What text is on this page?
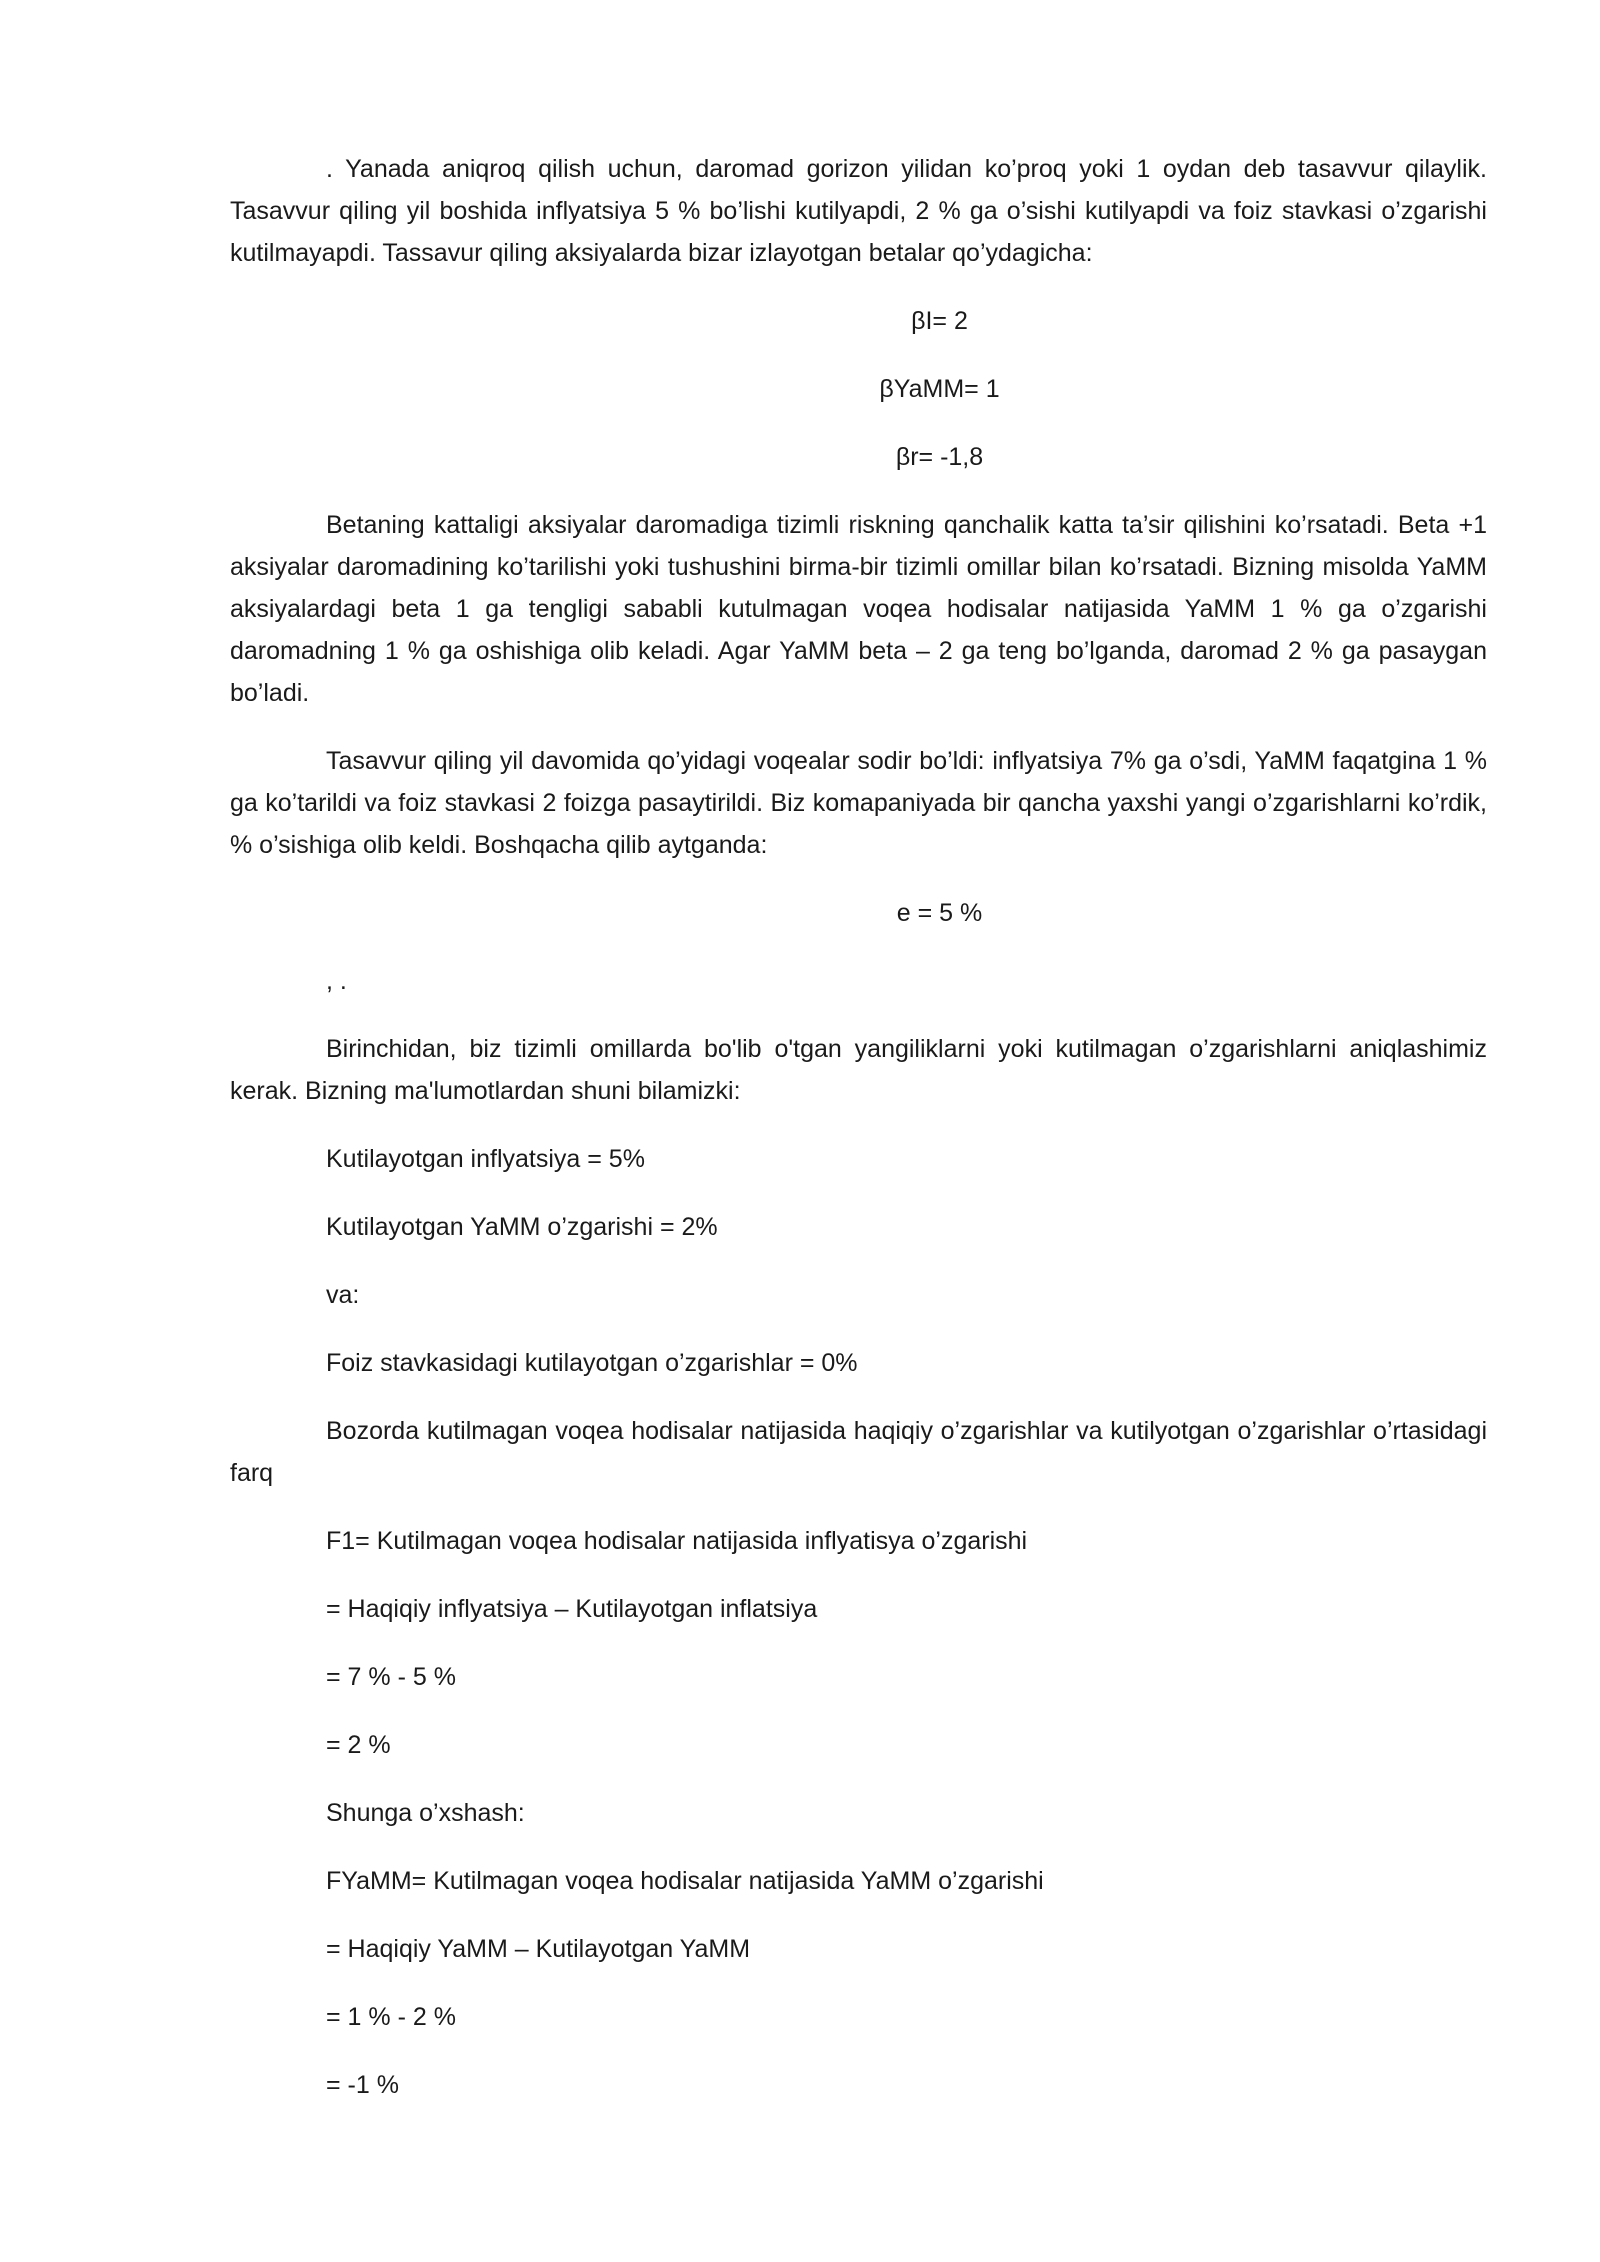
. Yanada aniqroq qilish uchun, daromad gorizon yilidan ko’proq yoki 1 oydan deb tasavvur qilaylik. Tasavvur qiling yil boshida inflyatsiya 5 % bo’lishi kutilyapdi, 2 % ga o’sishi kutilyapdi va foiz stavkasi o’zgarishi kutilmayapdi. Tassavur qiling aksiyalarda bizar izlayotgan betalar qo’ydagicha:

βI= 2

βYaMM= 1

βr= -1,8

Betaning kattaligi aksiyalar daromadiga tizimli riskning qanchalik katta ta’sir qilishini ko’rsatadi. Beta +1 aksiyalar daromadining ko’tarilishi yoki tushushini birma-bir tizimli omillar bilan ko’rsatadi. Bizning misolda YaMM aksiyalardagi beta 1 ga tengligi sababli kutulmagan voqea hodisalar natijasida YaMM 1 % ga o’zgarishi daromadning 1 % ga oshishiga olib keladi. Agar YaMM beta – 2 ga teng bo’lganda, daromad 2 % ga pasaygan bo’ladi.

Tasavvur qiling yil davomida qo’yidagi voqealar sodir bo’ldi: inflyatsiya 7% ga o’sdi, YaMM faqatgina 1 % ga ko’tarildi va foiz stavkasi 2 foizga pasaytirildi. Biz komapaniyada bir qancha yaxshi yangi o’zgarishlarni ko’rdik, % o’sishiga olib keldi. Boshqacha qilib aytganda:

e = 5 %

, .

Birinchidan, biz tizimli omillarda bo'lib o'tgan yangiliklarni yoki kutilmagan o’zgarishlarni aniqlashimiz kerak. Bizning ma'lumotlardan shuni bilamizki:

Kutilayotgan inflyatsiya = 5%

Kutilayotgan YaMM o’zgarishi = 2%

va:

Foiz stavkasidagi kutilayotgan o’zgarishlar = 0%

Bozorda kutilmagan voqea hodisalar natijasida haqiqiy o’zgarishlar va kutilyotgan o’zgarishlar o’rtasidagi farq

F1= Kutilmagan voqea hodisalar natijasida inflyatisya o’zgarishi

= Haqiqiy inflyatsiya – Kutilayotgan inflatsiya

= 7 % - 5 %

= 2 %

Shunga o’xshash:

FYaMM= Kutilmagan voqea hodisalar natijasida YaMM o’zgarishi

= Haqiqiy YaMM – Kutilayotgan YaMM

= 1 % - 2 %

= -1 %
